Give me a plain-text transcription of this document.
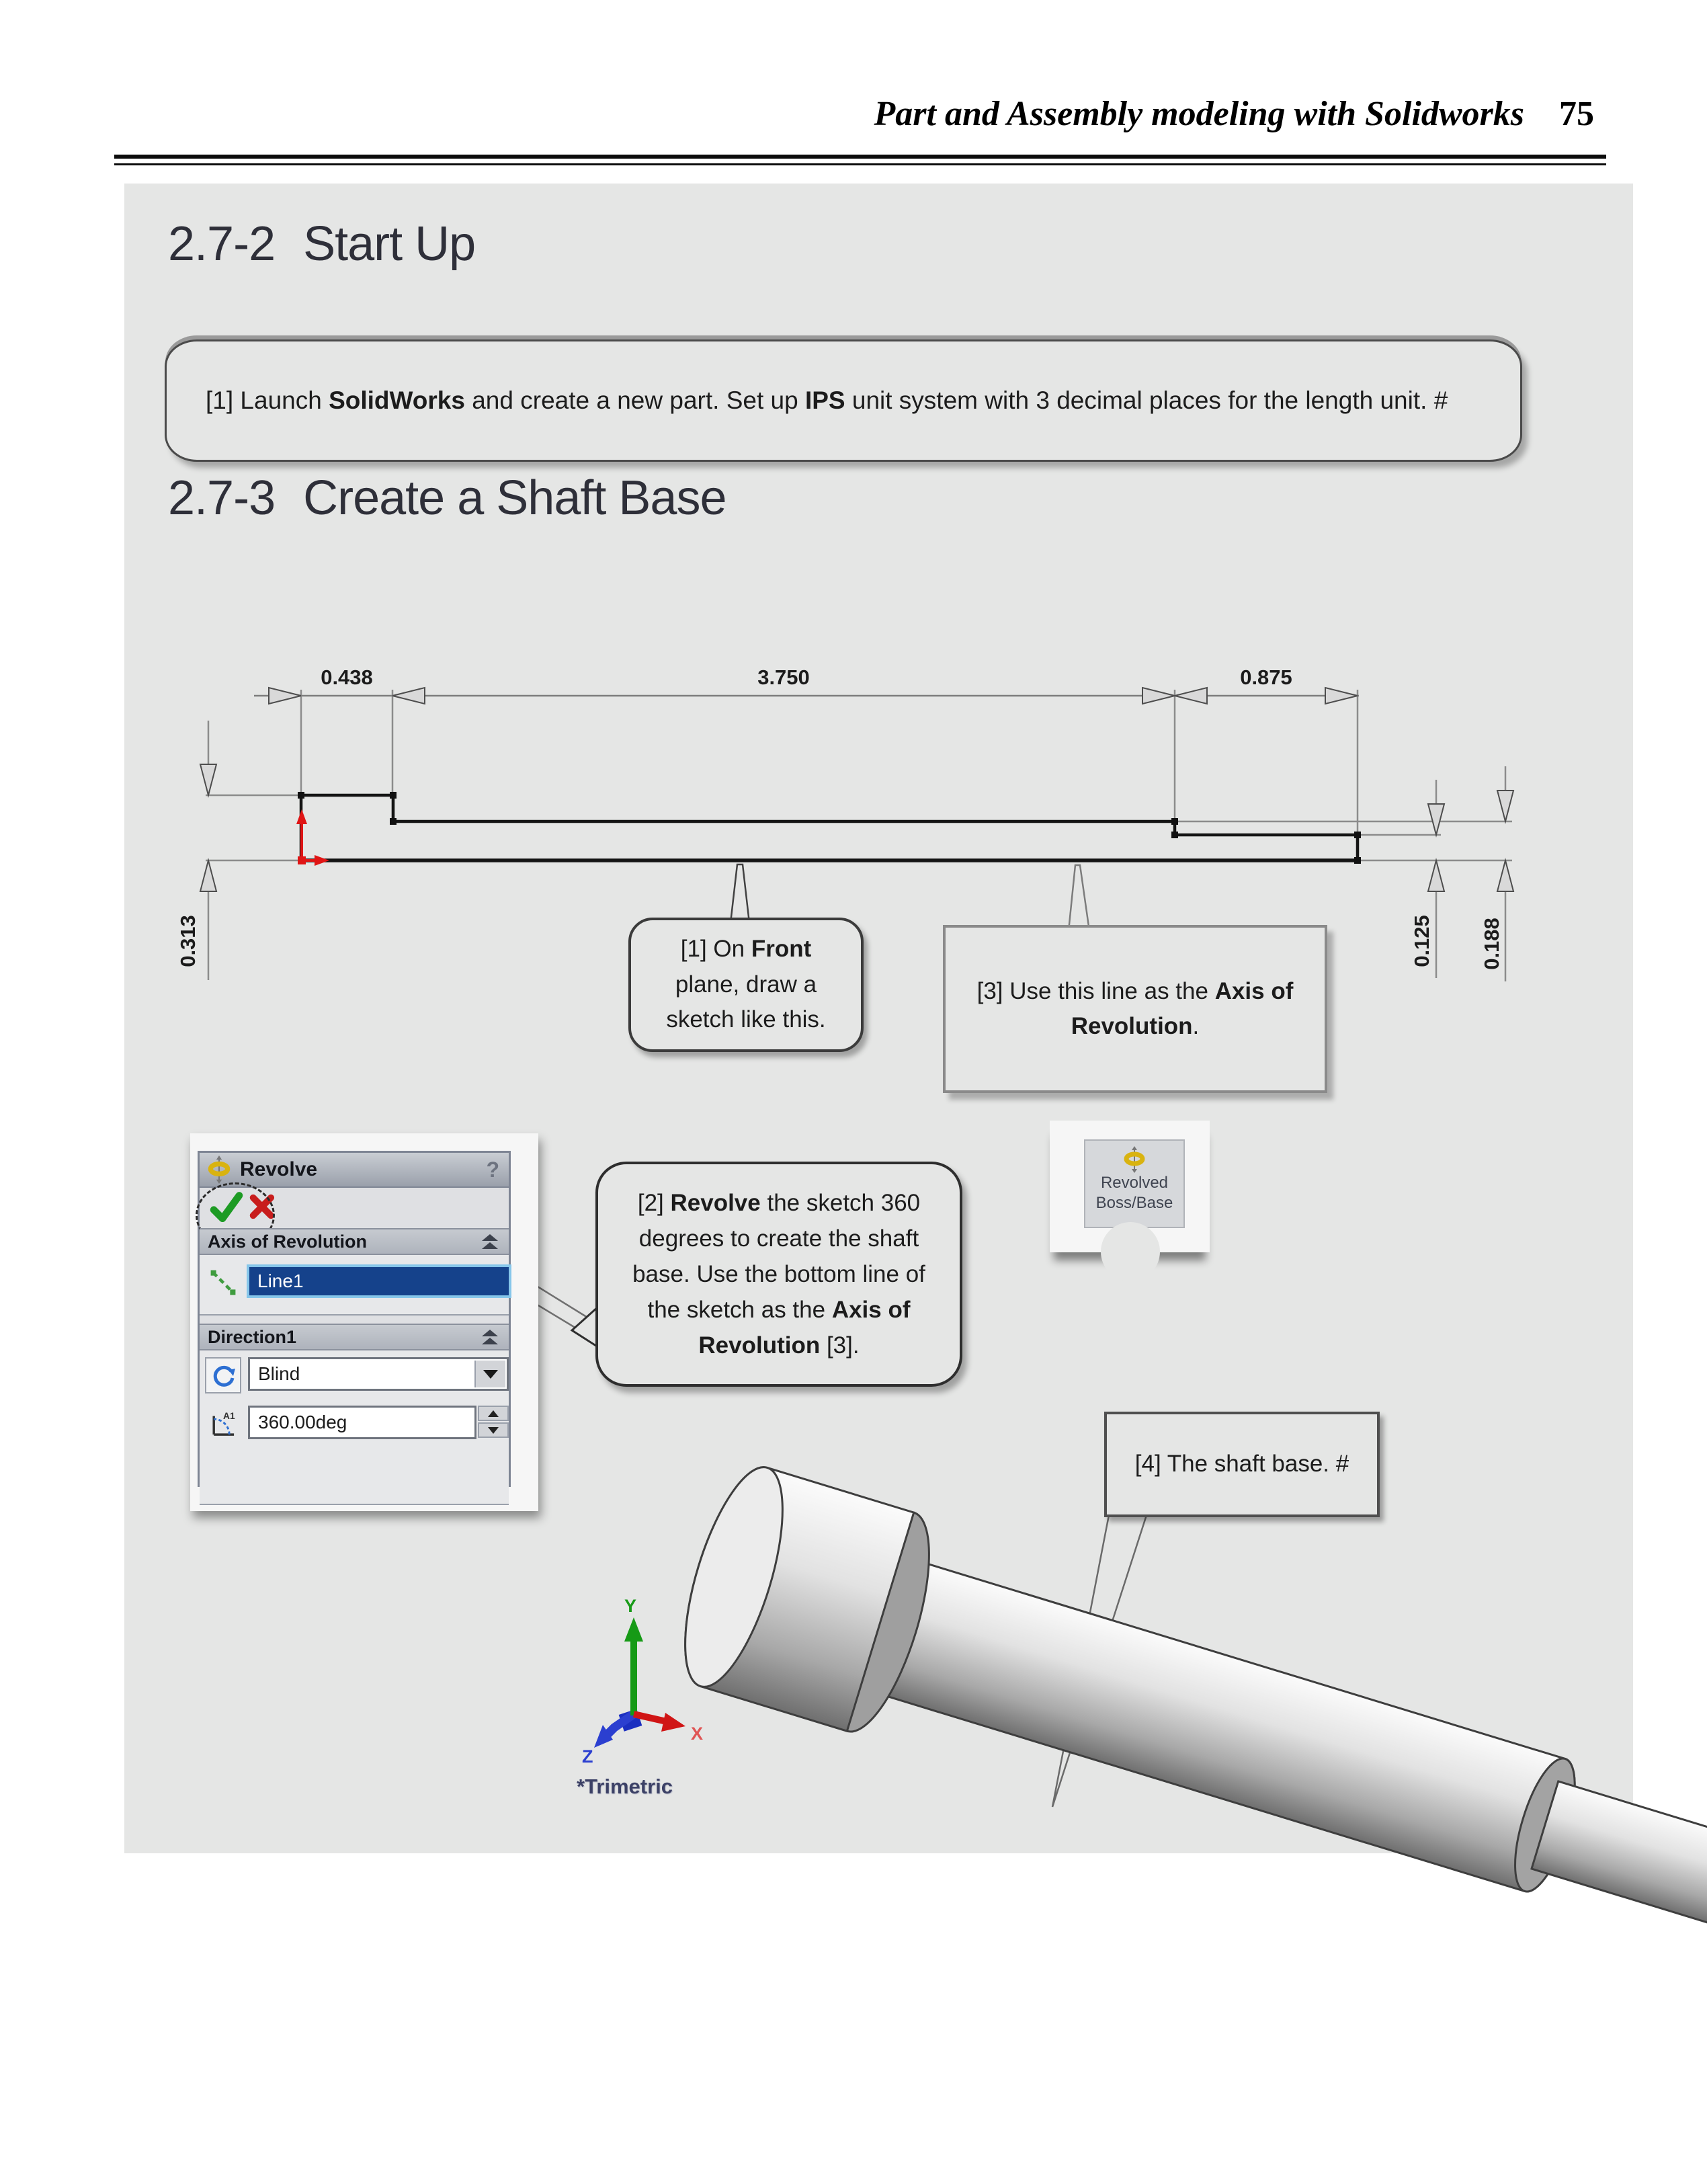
Part and Assembly modeling with Solidworks 75
2.7-2 Start Up
2.7-3 Create a Shaft Base
[1] Launch SolidWorks and create a new part. Set up IPS unit system with 3 decimal places for the length unit. #
0.438	3.750	0.875
0.313	0.125 0.188
Y
X
Z
[1] On Front
plane, draw a
sketch like this.
[3] Use this line as the Axis of
Revolution.
[2] Revolve the sketch 360
degrees to create the shaft
base. Use the bottom line of
the sketch as the Axis of
Revolution [3].
[4] The shaft base. #
Revolve	?
Axis of Revolution
Line1
Direction1
Blind
A1 360.00deg
Revolved
Boss/Base
*Trimetric
